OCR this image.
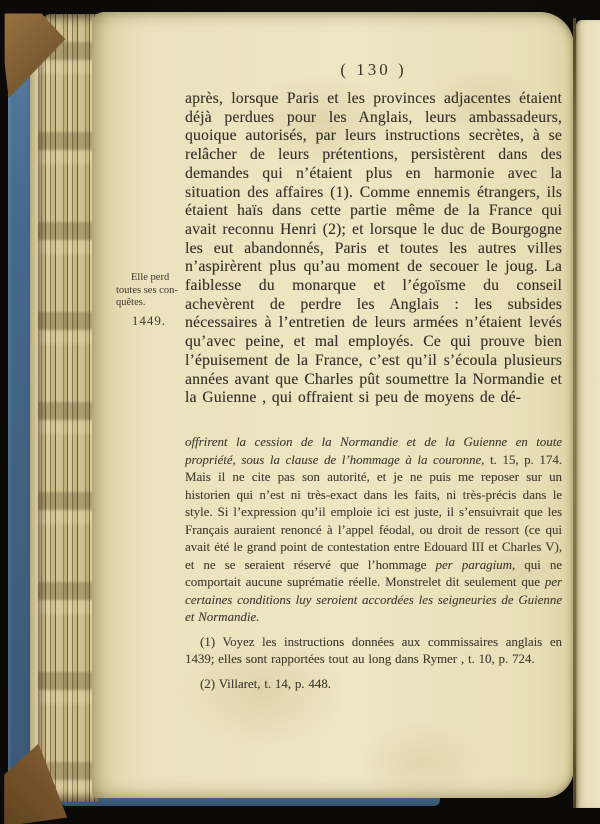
Elle perd
toutes ses con-
quêtes.
1449.
( 130 )
après, lorsque Paris et les provinces adjacentes étaient déjà perdues pour les Anglais, leurs ambassadeurs, quoique autorisés, par leurs instructions secrètes, à se relâcher de leurs prétentions, persistèrent dans des demandes qui n’étaient plus en harmonie avec la situation des affaires (1). Comme ennemis étrangers, ils étaient haïs dans cette partie même de la France qui avait reconnu Henri (2); et lorsque le duc de Bourgogne les eut abandonnés, Paris et toutes les autres villes n’aspirèrent plus qu’au moment de secouer le joug. La faiblesse du monarque et l’égoïsme du conseil achevèrent de perdre les Anglais : les subsides nécessaires à l’entretien de leurs armées n’étaient levés qu’avec peine, et mal employés. Ce qui prouve bien l’épuisement de la France, c’est qu’il s’écoula plusieurs années avant que Charles pût soumettre la Normandie et la Guienne , qui offraient si peu de moyens de dé-

offrirent la cession de la Normandie et de la Guienne en toute propriété, sous la clause de l’hommage à la couronne, t. 15, p. 174. Mais il ne cite pas son autorité, et je ne puis me reposer sur un historien qui n’est ni très-exact dans les faits, ni très-précis dans le style. Si l’expression qu’il emploie ici est juste, il s’ensuivrait que les Français auraient renoncé à l’appel féodal, ou droit de ressort (ce qui avait été le grand point de contestation entre Edouard III et Charles V), et ne se seraient réservé que l’hommage per paragium, qui ne comportait aucune suprématie réelle. Monstrelet dit seulement que per certaines conditions luy seroient accordées les seigneuries de Guienne et Normandie.

(1) Voyez les instructions données aux commissaires anglais en 1439; elles sont rapportées tout au long dans Rymer , t. 10, p. 724.

(2) Villaret, t. 14, p. 448.
